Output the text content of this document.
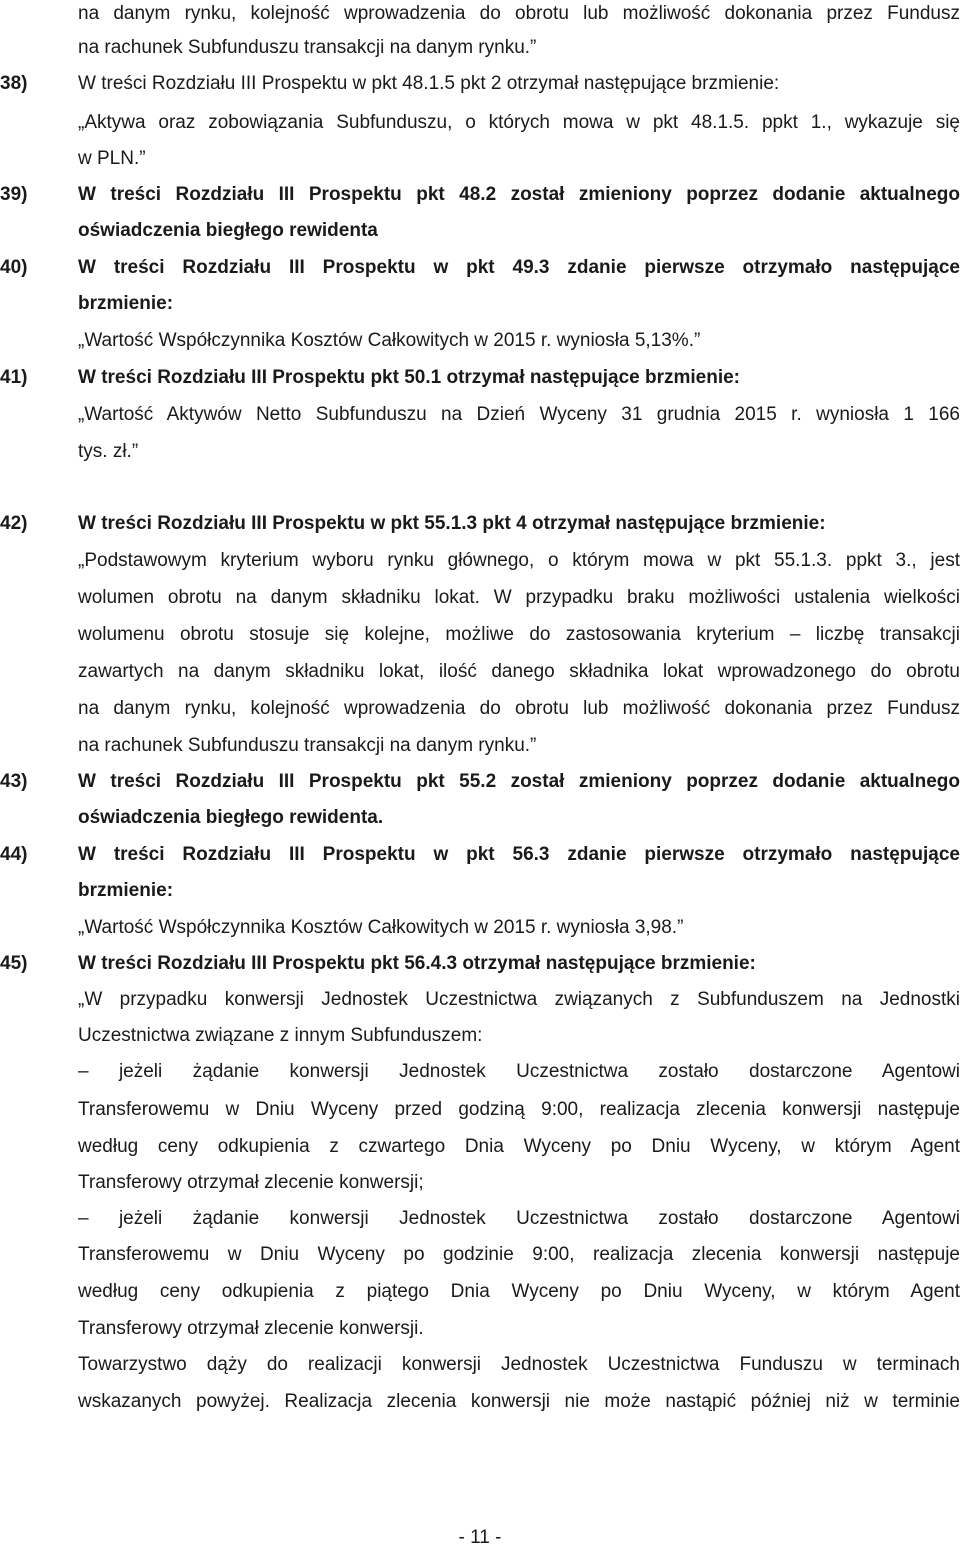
na danym rynku, kolejność wprowadzenia do obrotu lub możliwość dokonania przez Fundusz
na rachunek Subfunduszu transakcji na danym rynku.”
38)	W treści Rozdziału III Prospektu w pkt 48.1.5 pkt 2 otrzymał następujące brzmienie:
„Aktywa oraz zobowiązania Subfunduszu, o których mowa w pkt 48.1.5. ppkt 1., wykazuje się
w PLN.”
39)	W treści Rozdziału III Prospektu pkt 48.2 został zmieniony poprzez dodanie aktualnego
oświadczenia biegłego rewidenta
40)	W treści Rozdziału III Prospektu w pkt 49.3 zdanie pierwsze otrzymało następujące
brzmienie:
„Wartość Współczynnika Kosztów Całkowitych w 2015 r. wyniosła 5,13%.”
41)	W treści Rozdziału III Prospektu pkt 50.1 otrzymał następujące brzmienie:
„Wartość Aktywów Netto Subfunduszu na Dzień Wyceny 31 grudnia 2015 r. wyniosła 1 166
tys. zł.”
42)	W treści Rozdziału III Prospektu w pkt 55.1.3 pkt 4 otrzymał następujące brzmienie:
„Podstawowym kryterium wyboru rynku głównego, o którym mowa w pkt 55.1.3. ppkt 3., jest
wolumen obrotu na danym składniku lokat. W przypadku braku możliwości ustalenia wielkości
wolumenu obrotu stosuje się kolejne, możliwe do zastosowania kryterium – liczbę transakcji
zawartych na danym składniku lokat, ilość danego składnika lokat wprowadzonego do obrotu
na danym rynku, kolejność wprowadzenia do obrotu lub możliwość dokonania przez Fundusz
na rachunek Subfunduszu transakcji na danym rynku.”
43)	W treści Rozdziału III Prospektu pkt 55.2 został zmieniony poprzez dodanie aktualnego
oświadczenia biegłego rewidenta.
44)	W treści Rozdziału III Prospektu w pkt 56.3 zdanie pierwsze otrzymało następujące
brzmienie:
„Wartość Współczynnika Kosztów Całkowitych w 2015 r. wyniosła 3,98.”
45)	W treści Rozdziału III Prospektu pkt 56.4.3 otrzymał następujące brzmienie:
„W przypadku konwersji Jednostek Uczestnictwa związanych z Subfunduszem na Jednostki
Uczestnictwa związane z innym Subfunduszem:
– jeżeli żądanie konwersji Jednostek Uczestnictwa zostało dostarczone Agentowi
Transferowemu w Dniu Wyceny przed godziną 9:00, realizacja zlecenia konwersji następuje
według ceny odkupienia z czwartego Dnia Wyceny po Dniu Wyceny, w którym Agent
Transferowy otrzymał zlecenie konwersji;
– jeżeli żądanie konwersji Jednostek Uczestnictwa zostało dostarczone Agentowi
Transferowemu w Dniu Wyceny po godzinie 9:00, realizacja zlecenia konwersji następuje
według ceny odkupienia z piątego Dnia Wyceny po Dniu Wyceny, w którym Agent
Transferowy otrzymał zlecenie konwersji.
Towarzystwo dąży do realizacji konwersji Jednostek Uczestnictwa Funduszu w terminach
wskazanych powyżej. Realizacja zlecenia konwersji nie może nastąpić później niż w terminie
- 11 -
